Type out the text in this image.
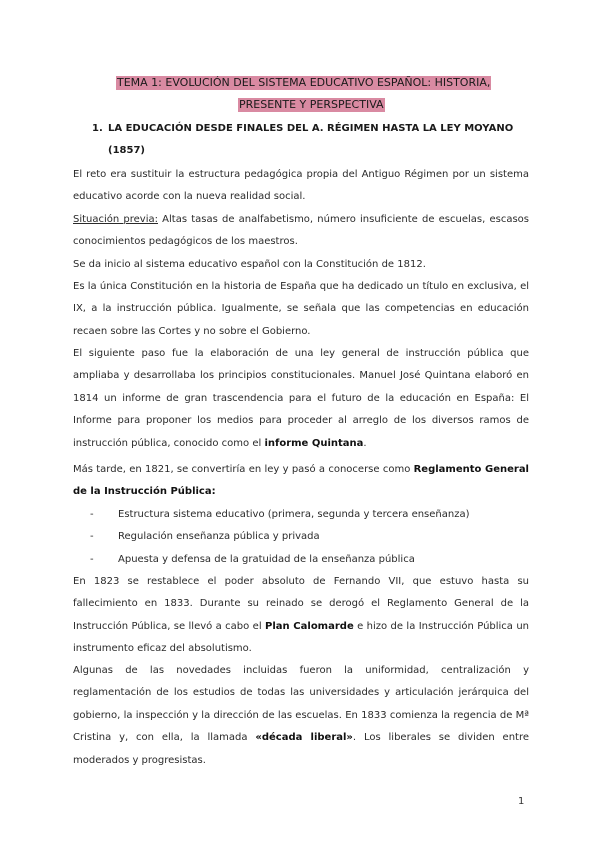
TEMA 1: EVOLUCIÓN DEL SISTEMA EDUCATIVO ESPAÑOL: HISTORIA,
PRESENTE Y PERSPECTIVA
1. LA EDUCACIÓN DESDE FINALES DEL A. RÉGIMEN HASTA LA LEY MOYANO
(1857)
El reto era sustituir la estructura pedagógica propia del Antiguo Régimen por un sistema educativo acorde con la nueva realidad social.
Situación previa: Altas tasas de analfabetismo, número insuficiente de escuelas, escasos conocimientos pedagógicos de los maestros.
Se da inicio al sistema educativo español con la Constitución de 1812.
Es la única Constitución en la historia de España que ha dedicado un título en exclusiva, el IX, a la instrucción pública. Igualmente, se señala que las competencias en educación recaen sobre las Cortes y no sobre el Gobierno.
El siguiente paso fue la elaboración de una ley general de instrucción pública que ampliaba y desarrollaba los principios constitucionales. Manuel José Quintana elaboró en 1814 un informe de gran trascendencia para el futuro de la educación en España: El Informe para proponer los medios para proceder al arreglo de los diversos ramos de instrucción pública, conocido como el informe Quintana.
Más tarde, en 1821, se convertiría en ley y pasó a conocerse como Reglamento General de la Instrucción Pública:
- Estructura sistema educativo (primera, segunda y tercera enseñanza)
- Regulación enseñanza pública y privada
- Apuesta y defensa de la gratuidad de la enseñanza pública
En 1823 se restablece el poder absoluto de Fernando VII, que estuvo hasta su fallecimiento en 1833. Durante su reinado se derogó el Reglamento General de la Instrucción Pública, se llevó a cabo el Plan Calomarde e hizo de la Instrucción Pública un instrumento eficaz del absolutismo.
Algunas de las novedades incluidas fueron la uniformidad, centralización y reglamentación de los estudios de todas las universidades y articulación jerárquica del gobierno, la inspección y la dirección de las escuelas. En 1833 comienza la regencia de Mª Cristina y, con ella, la llamada «década liberal». Los liberales se dividen entre moderados y progresistas.
1
